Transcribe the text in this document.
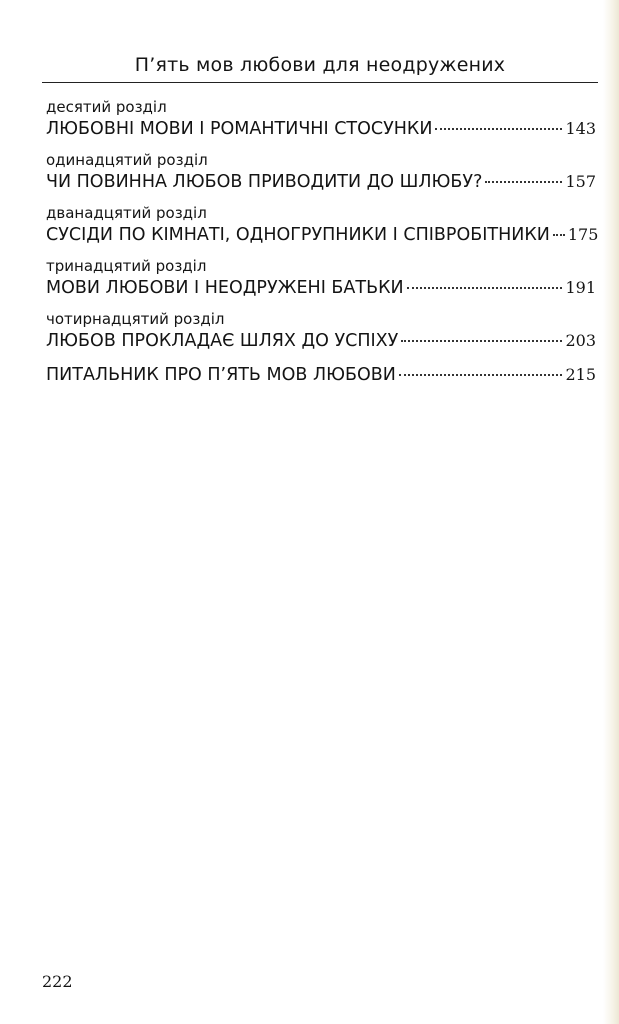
П’ять мов любови для неодружених
десятий розділ
ЛЮБОВНІ МОВИ І РОМАНТИЧНІ СТОСУНКИ	143
одинадцятий розділ
ЧИ ПОВИННА ЛЮБОВ ПРИВОДИТИ ДО ШЛЮБУ?	157
дванадцятий розділ
СУСІДИ ПО КІМНАТІ, ОДНОГРУПНИКИ І СПІВРОБІТНИКИ 175
тринадцятий розділ
МОВИ ЛЮБОВИ І НЕОДРУЖЕНІ БАТЬКИ	191
чотирнадцятий розділ
ЛЮБОВ ПРОКЛАДАЄ ШЛЯХ ДО УСПІХУ	203
ПИТАЛЬНИК ПРО П’ЯТЬ МОВ ЛЮБОВИ	215
222
